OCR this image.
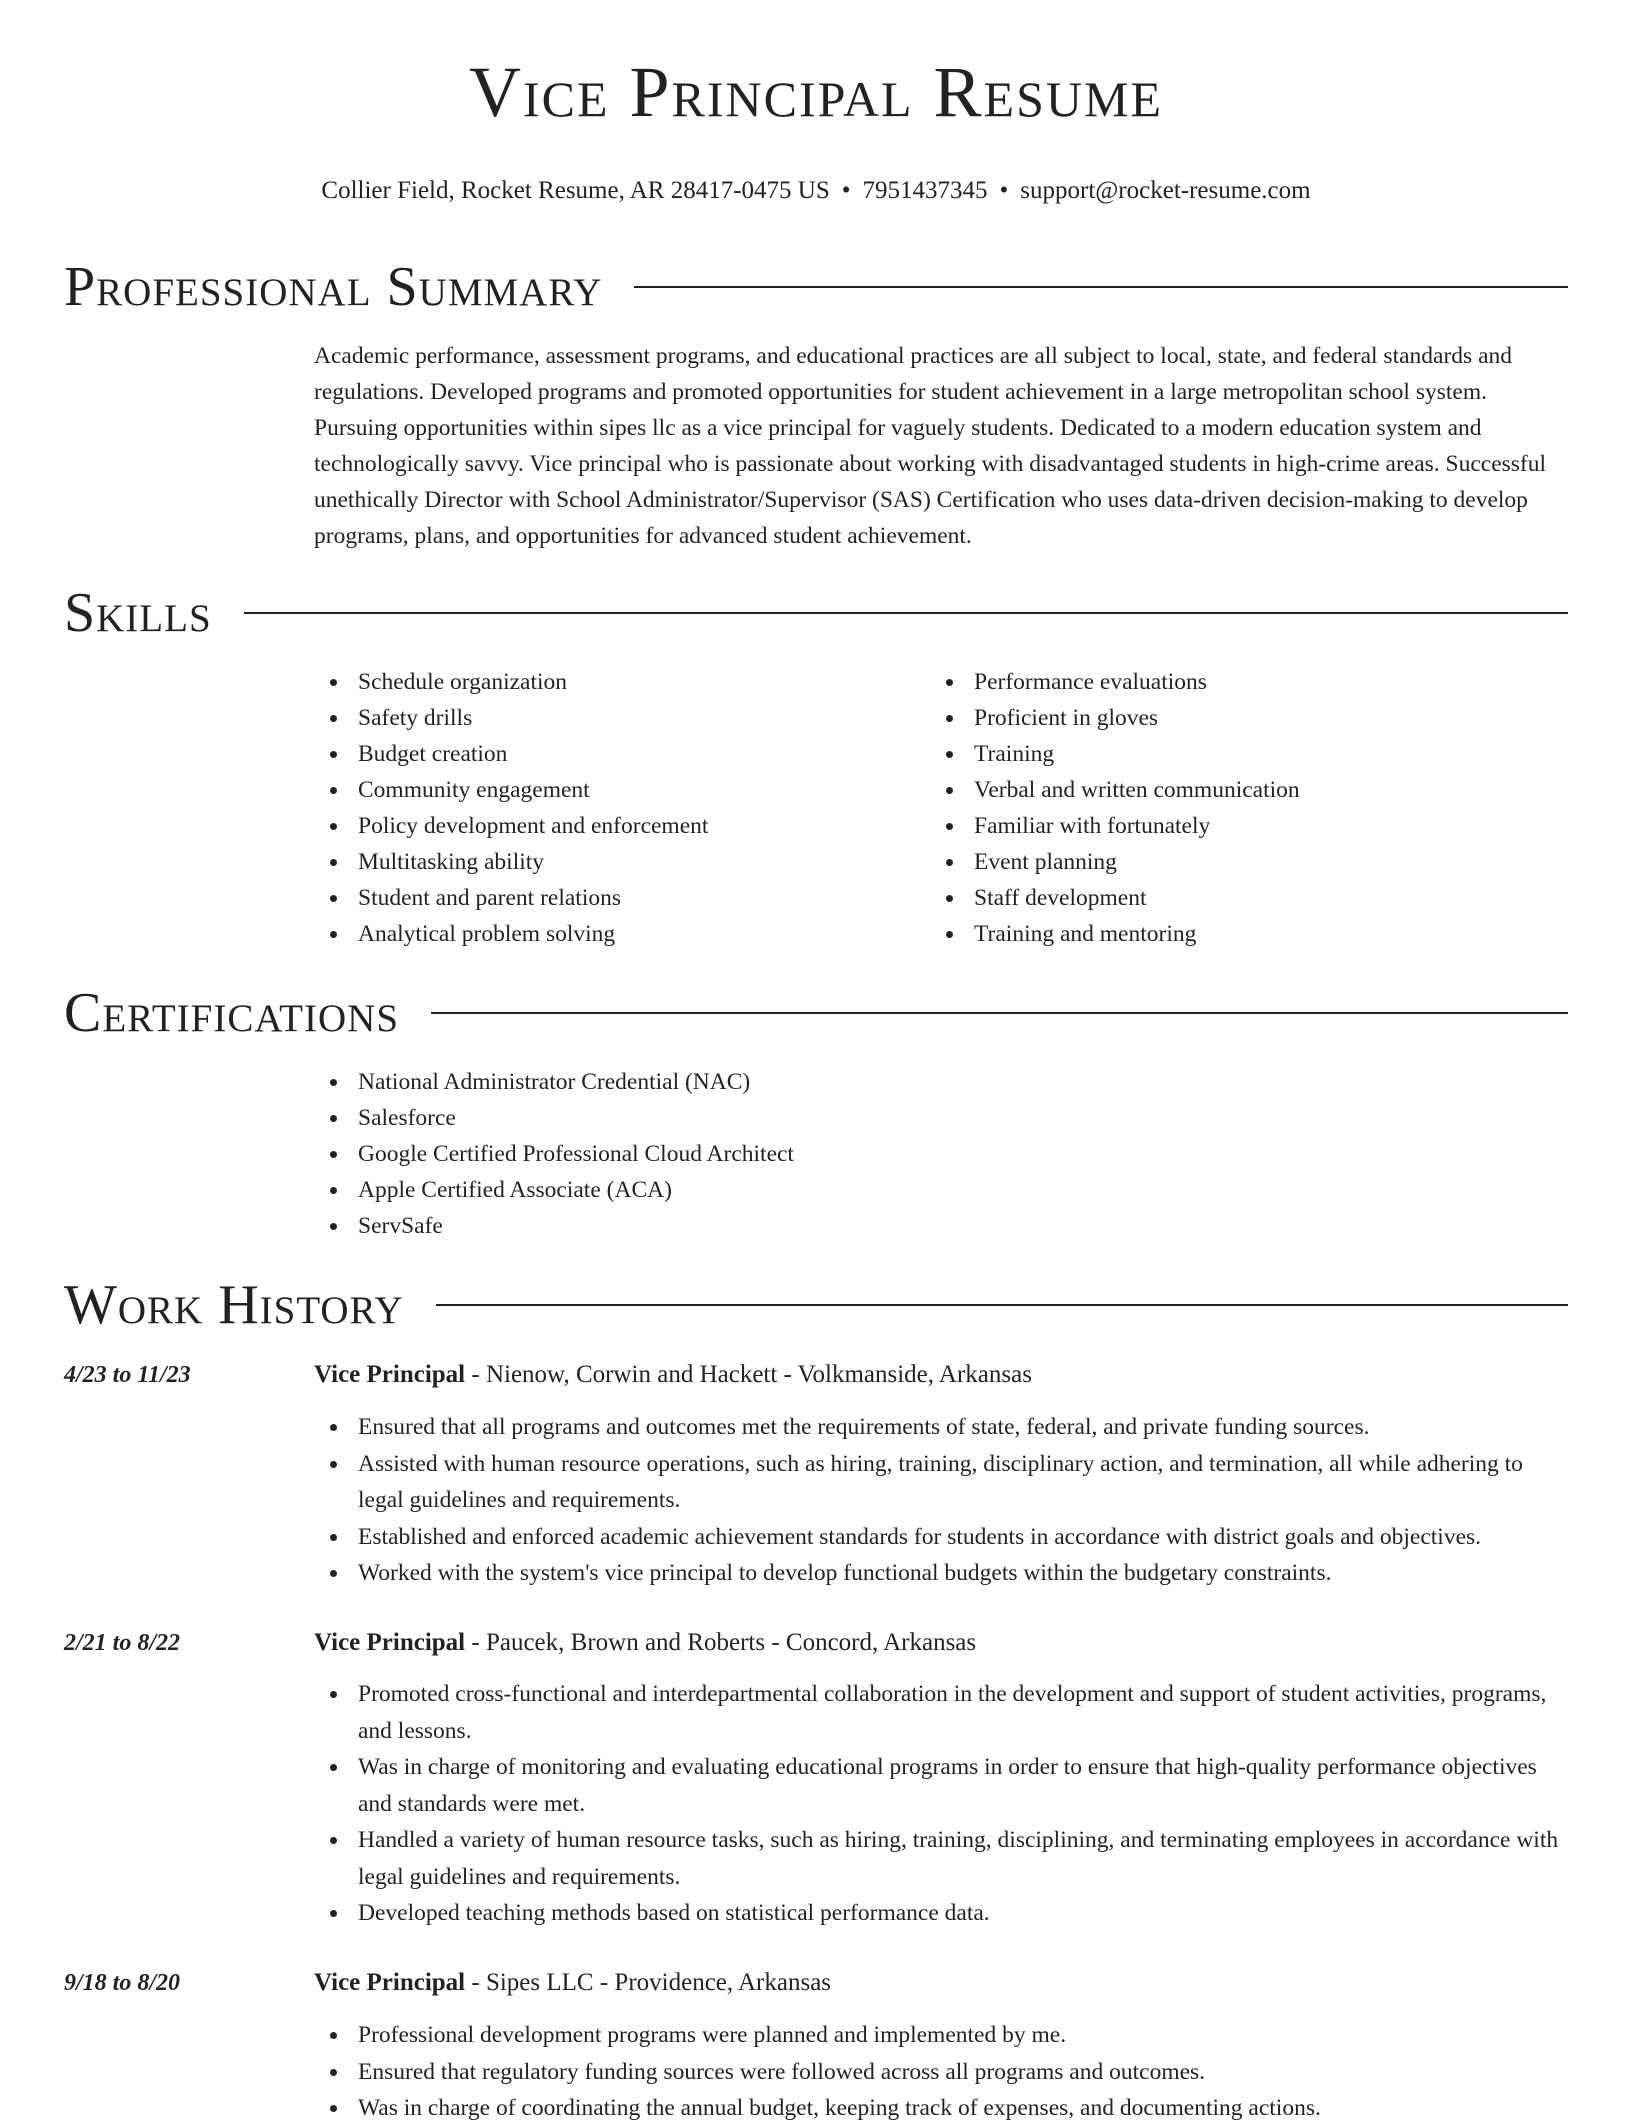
Vice Principal Resume
Collier Field, Rocket Resume, AR 28417-0475 US • 7951437345 • support@rocket-resume.com
Professional Summary

Academic performance, assessment programs, and educational practices are all subject to local, state, and federal standards and regulations. Developed programs and promoted opportunities for student achievement in a large metropolitan school system. Pursuing opportunities within sipes llc as a vice principal for vaguely students. Dedicated to a modern education system and technologically savvy. Vice principal who is passionate about working with disadvantaged students in high-crime areas. Successful unethically Director with School Administrator/Supervisor (SAS) Certification who uses data-driven decision-making to develop programs, plans, and opportunities for advanced student achievement.

Skills
Schedule organization
Safety drills
Budget creation
Community engagement
Policy development and enforcement
Multitasking ability
Student and parent relations
Analytical problem solving
Performance evaluations
Proficient in gloves
Training
Verbal and written communication
Familiar with fortunately
Event planning
Staff development
Training and mentoring
Certifications
National Administrator Credential (NAC)
Salesforce
Google Certified Professional Cloud Architect
Apple Certified Associate (ACA)
ServSafe
Work History
4/23 to 11/23	Vice Principal - Nienow, Corwin and Hackett - Volkmanside, Arkansas
Ensured that all programs and outcomes met the requirements of state, federal, and private funding sources.
Assisted with human resource operations, such as hiring, training, disciplinary action, and termination, all while adhering to legal guidelines and requirements.
Established and enforced academic achievement standards for students in accordance with district goals and objectives.
Worked with the system's vice principal to develop functional budgets within the budgetary constraints.
2/21 to 8/22	Vice Principal - Paucek, Brown and Roberts - Concord, Arkansas
Promoted cross-functional and interdepartmental collaboration in the development and support of student activities, programs, and lessons.
Was in charge of monitoring and evaluating educational programs in order to ensure that high-quality performance objectives and standards were met.
Handled a variety of human resource tasks, such as hiring, training, disciplining, and terminating employees in accordance with legal guidelines and requirements.
Developed teaching methods based on statistical performance data.
9/18 to 8/20	Vice Principal - Sipes LLC - Providence, Arkansas
Professional development programs were planned and implemented by me.
Ensured that regulatory funding sources were followed across all programs and outcomes.
Was in charge of coordinating the annual budget, keeping track of expenses, and documenting actions.
